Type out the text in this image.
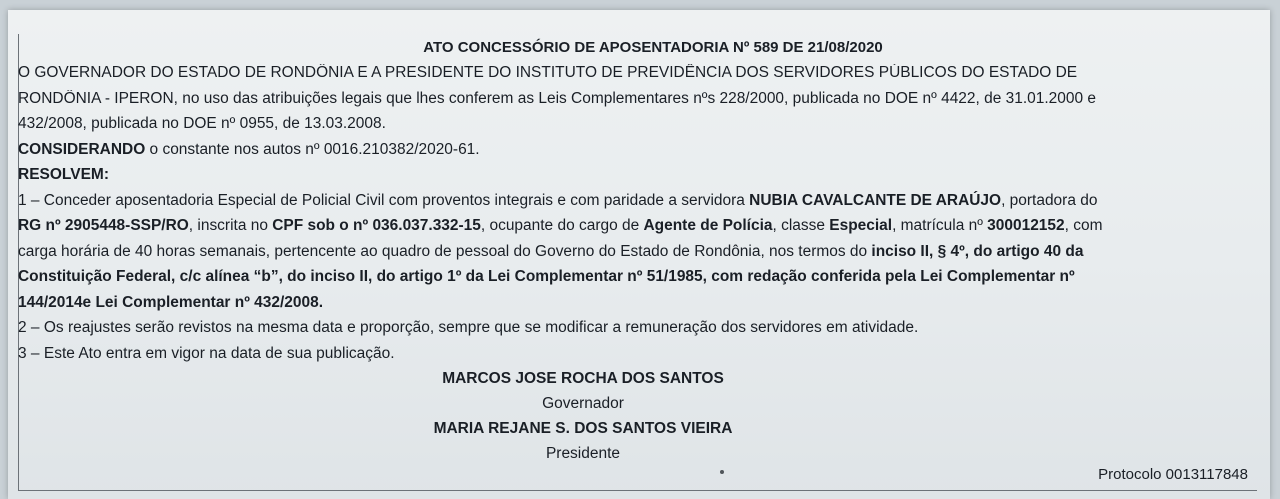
ATO CONCESSÓRIO DE APOSENTADORIA Nº 589 DE 21/08/2020
O GOVERNADOR DO ESTADO DE RONDÔNIA E A PRESIDENTE DO INSTITUTO DE PREVIDÊNCIA DOS SERVIDORES PÚBLICOS DO ESTADO DE
RONDÔNIA - IPERON, no uso das atribuições legais que lhes conferem as Leis Complementares nºs 228/2000, publicada no DOE nº 4422, de 31.01.2000 e
432/2008, publicada no DOE nº 0955, de 13.03.2008.
CONSIDERANDO o constante nos autos nº 0016.210382/2020-61.
RESOLVEM:
1 – Conceder aposentadoria Especial de Policial Civil com proventos integrais e com paridade a servidora NUBIA CAVALCANTE DE ARAÚJO, portadora do
RG nº 2905448-SSP/RO, inscrita no CPF sob o nº 036.037.332-15, ocupante do cargo de Agente de Polícia, classe Especial, matrícula nº 300012152, com
carga horária de 40 horas semanais, pertencente ao quadro de pessoal do Governo do Estado de Rondônia, nos termos do inciso II, § 4º, do artigo 40 da
Constituição Federal, c/c alínea “b”, do inciso II, do artigo 1º da Lei Complementar nº 51/1985, com redação conferida pela Lei Complementar nº
144/2014e Lei Complementar nº 432/2008.
2 – Os reajustes serão revistos na mesma data e proporção, sempre que se modificar a remuneração dos servidores em atividade.
3 – Este Ato entra em vigor na data de sua publicação.
MARCOS JOSE ROCHA DOS SANTOS
Governador
MARIA REJANE S. DOS SANTOS VIEIRA
Presidente
Protocolo 0013117848
